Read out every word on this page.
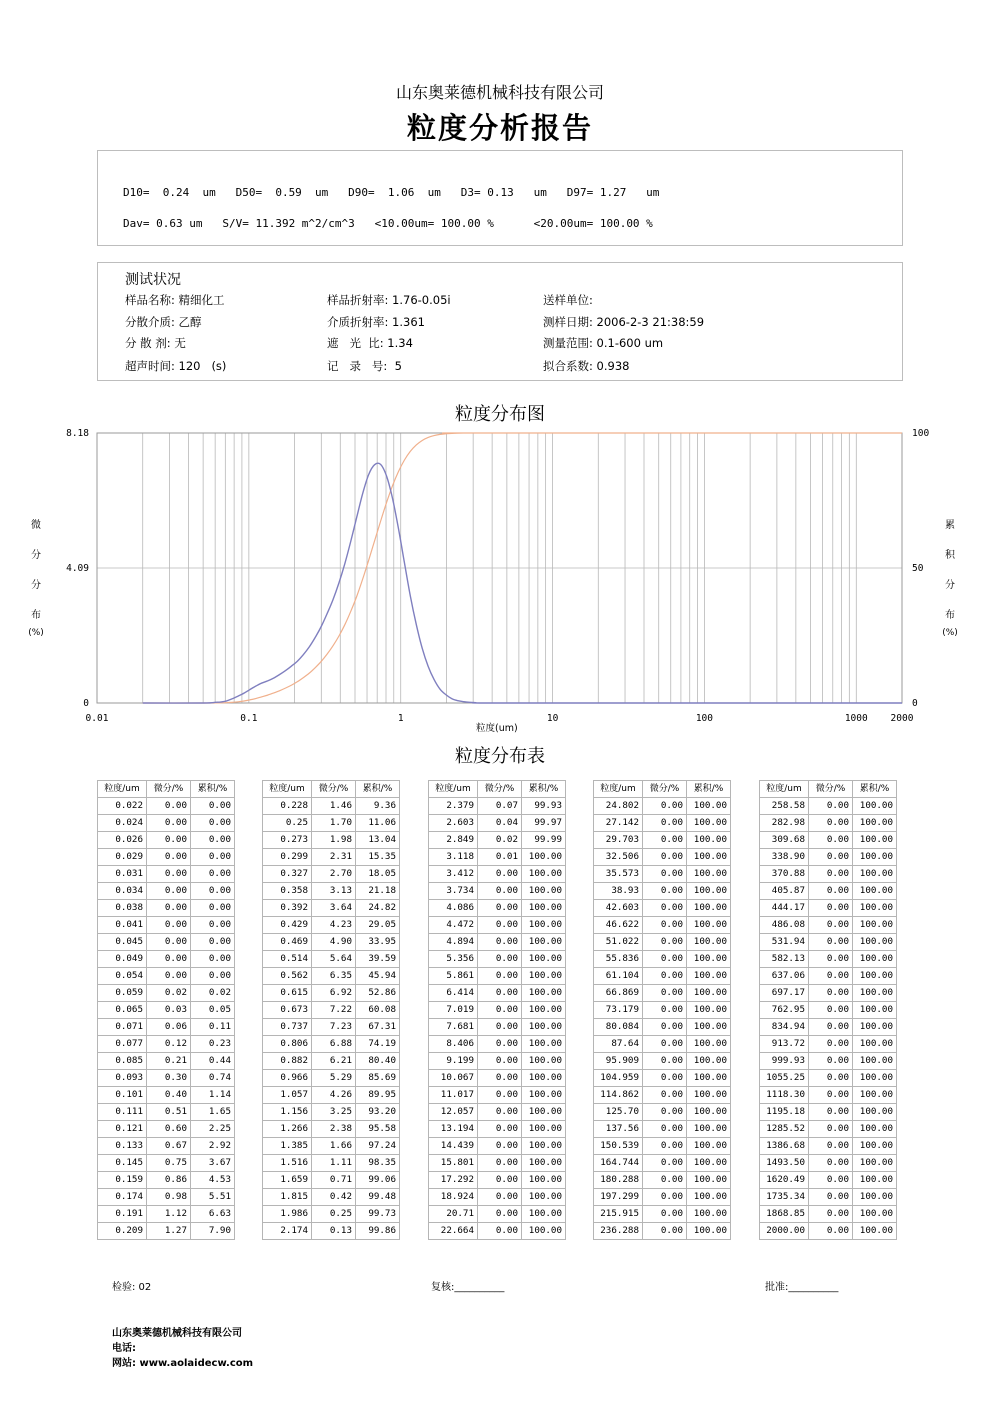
山东奥莱德机械科技有限公司
粒度分析报告
D10=  0.24  um   D50=  0.59  um   D90=  1.06  um   D3= 0.13   um   D97= 1.27   um
Dav= 0.63 um   S/V= 11.392 m^2/cm^3   <10.00um= 100.00 %      <20.00um= 100.00 %
测试状况
样品名称: 精细化工	样品折射率: 1.76-0.05i	送样单位:
分散介质: 乙醇	介质折射率: 1.361	测样日期: 2006-2-3 21:38:59
分 散 剂: 无	遮   光  比: 1.34	测量范围: 0.1-600 um
超声时间: 120   (s)	记   录   号:  5	拟合系数: 0.938
粒度分布图
0.01	0.1	1	10	100	1000 2000
0
4.09
8.18
0
50
100
粒度(um)
微
分
分
布
(%)
累
积
分
布
(%)
粒度分布表
粒度/um	微分/%	累积/%
0.022	0.00	0.00
0.024	0.00	0.00
0.026	0.00	0.00
0.029	0.00	0.00
0.031	0.00	0.00
0.034	0.00	0.00
0.038	0.00	0.00
0.041	0.00	0.00
0.045	0.00	0.00
0.049	0.00	0.00
0.054	0.00	0.00
0.059	0.02	0.02
0.065	0.03	0.05
0.071	0.06	0.11
0.077	0.12	0.23
0.085	0.21	0.44
0.093	0.30	0.74
0.101	0.40	1.14
0.111	0.51	1.65
0.121	0.60	2.25
0.133	0.67	2.92
0.145	0.75	3.67
0.159	0.86	4.53
0.174	0.98	5.51
0.191	1.12	6.63
0.209	1.27	7.90
粒度/um	微分/%	累积/%
0.228	1.46	9.36
0.25	1.70	11.06
0.273	1.98	13.04
0.299	2.31	15.35
0.327	2.70	18.05
0.358	3.13	21.18
0.392	3.64	24.82
0.429	4.23	29.05
0.469	4.90	33.95
0.514	5.64	39.59
0.562	6.35	45.94
0.615	6.92	52.86
0.673	7.22	60.08
0.737	7.23	67.31
0.806	6.88	74.19
0.882	6.21	80.40
0.966	5.29	85.69
1.057	4.26	89.95
1.156	3.25	93.20
1.266	2.38	95.58
1.385	1.66	97.24
1.516	1.11	98.35
1.659	0.71	99.06
1.815	0.42	99.48
1.986	0.25	99.73
2.174	0.13	99.86
粒度/um	微分/%	累积/%
2.379	0.07	99.93
2.603	0.04	99.97
2.849	0.02	99.99
3.118	0.01	100.00
3.412	0.00	100.00
3.734	0.00	100.00
4.086	0.00	100.00
4.472	0.00	100.00
4.894	0.00	100.00
5.356	0.00	100.00
5.861	0.00	100.00
6.414	0.00	100.00
7.019	0.00	100.00
7.681	0.00	100.00
8.406	0.00	100.00
9.199	0.00	100.00
10.067	0.00	100.00
11.017	0.00	100.00
12.057	0.00	100.00
13.194	0.00	100.00
14.439	0.00	100.00
15.801	0.00	100.00
17.292	0.00	100.00
18.924	0.00	100.00
20.71	0.00	100.00
22.664	0.00	100.00
粒度/um	微分/%	累积/%
24.802	0.00	100.00
27.142	0.00	100.00
29.703	0.00	100.00
32.506	0.00	100.00
35.573	0.00	100.00
38.93	0.00	100.00
42.603	0.00	100.00
46.622	0.00	100.00
51.022	0.00	100.00
55.836	0.00	100.00
61.104	0.00	100.00
66.869	0.00	100.00
73.179	0.00	100.00
80.084	0.00	100.00
87.64	0.00	100.00
95.909	0.00	100.00
104.959	0.00	100.00
114.862	0.00	100.00
125.70	0.00	100.00
137.56	0.00	100.00
150.539	0.00	100.00
164.744	0.00	100.00
180.288	0.00	100.00
197.299	0.00	100.00
215.915	0.00	100.00
236.288	0.00	100.00
粒度/um	微分/%	累积/%
258.58	0.00	100.00
282.98	0.00	100.00
309.68	0.00	100.00
338.90	0.00	100.00
370.88	0.00	100.00
405.87	0.00	100.00
444.17	0.00	100.00
486.08	0.00	100.00
531.94	0.00	100.00
582.13	0.00	100.00
637.06	0.00	100.00
697.17	0.00	100.00
762.95	0.00	100.00
834.94	0.00	100.00
913.72	0.00	100.00
999.93	0.00	100.00
1055.25	0.00	100.00
1118.30	0.00	100.00
1195.18	0.00	100.00
1285.52	0.00	100.00
1386.68	0.00	100.00
1493.50	0.00	100.00
1620.49	0.00	100.00
1735.34	0.00	100.00
1868.85	0.00	100.00
2000.00	0.00	100.00
检验: 02	复核:__________	批准:__________
山东奥莱德机械科技有限公司
电话:
网站: www.aolaidecw.com
